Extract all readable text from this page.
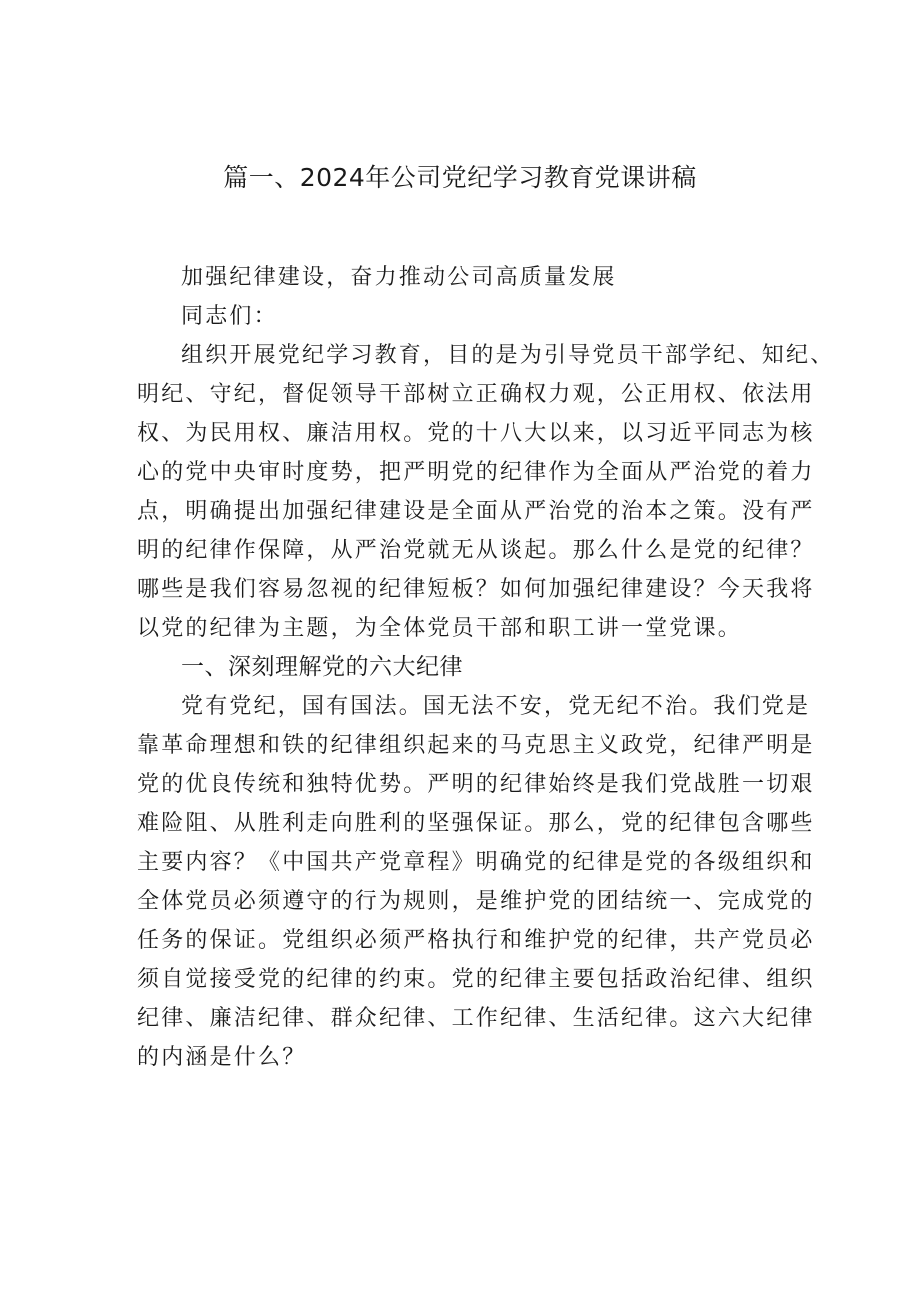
篇一、2024年公司党纪学习教育党课讲稿

加强纪律建设，奋力推动公司高质量发展

同志们：

组织开展党纪学习教育，目的是为引导党员干部学纪、知纪、
明纪、守纪，督促领导干部树立正确权力观，公正用权、依法用
权、为民用权、廉洁用权。党的十八大以来，以习近平同志为核
心的党中央审时度势，把严明党的纪律作为全面从严治党的着力
点，明确提出加强纪律建设是全面从严治党的治本之策。没有严
明的纪律作保障，从严治党就无从谈起。那么什么是党的纪律？
哪些是我们容易忽视的纪律短板？如何加强纪律建设？今天我将
以党的纪律为主题，为全体党员干部和职工讲一堂党课。
一、深刻理解党的六大纪律
党有党纪，国有国法。国无法不安，党无纪不治。我们党是
靠革命理想和铁的纪律组织起来的马克思主义政党，纪律严明是
党的优良传统和独特优势。严明的纪律始终是我们党战胜一切艰
难险阻、从胜利走向胜利的坚强保证。那么，党的纪律包含哪些
主要内容？《中国共产党章程》明确党的纪律是党的各级组织和
全体党员必须遵守的行为规则，是维护党的团结统一、完成党的
任务的保证。党组织必须严格执行和维护党的纪律，共产党员必
须自觉接受党的纪律的约束。党的纪律主要包括政治纪律、组织
纪律、廉洁纪律、群众纪律、工作纪律、生活纪律。这六大纪律
的内涵是什么？
